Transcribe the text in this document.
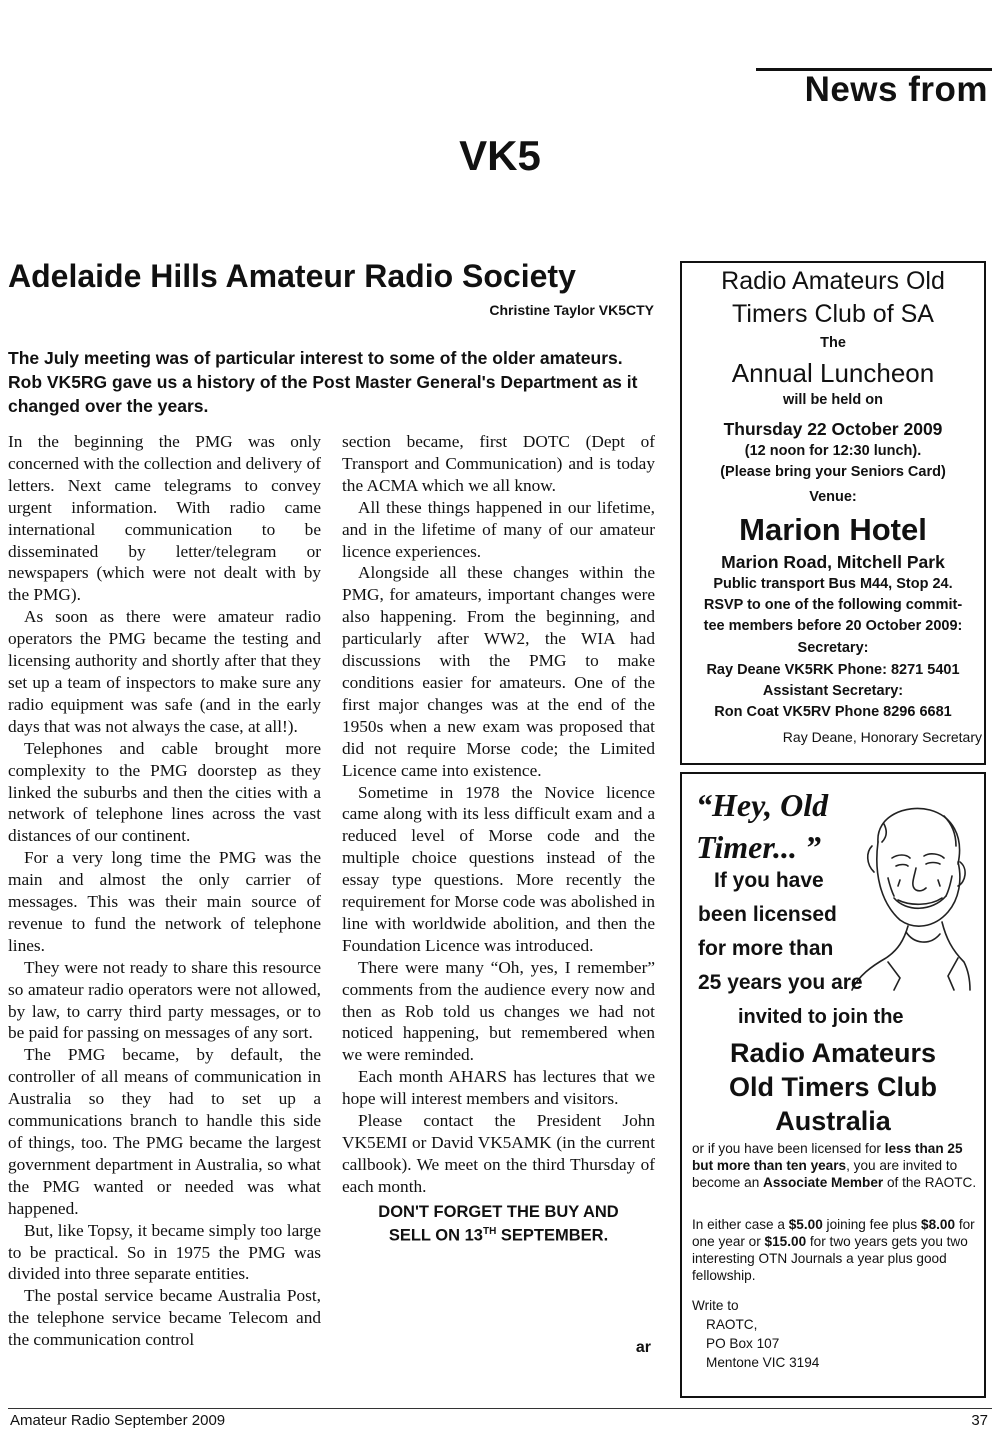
News from
VK5
Adelaide Hills Amateur Radio Society
Christine Taylor VK5CTY
The July meeting was of particular interest to some of the older amateurs. Rob VK5RG gave us a history of the Post Master General's Department as it changed over the years.

In the beginning the PMG was only concerned with the collection and delivery of letters. Next came telegrams to convey urgent information. With radio came international communication to be disseminated by letter/telegram or newspapers (which were not dealt with by the PMG).

As soon as there were amateur radio operators the PMG became the testing and licensing authority and shortly after that they set up a team of inspectors to make sure any radio equipment was safe (and in the early days that was not always the case, at all!).

Telephones and cable brought more complexity to the PMG doorstep as they linked the suburbs and then the cities with a network of telephone lines across the vast distances of our continent.

For a very long time the PMG was the main and almost the only carrier of messages. This was their main source of revenue to fund the network of telephone lines.

They were not ready to share this resource so amateur radio operators were not allowed, by law, to carry third party messages, or to be paid for passing on messages of any sort.

The PMG became, by default, the controller of all means of communication in Australia so they had to set up a communications branch to handle this side of things, too. The PMG became the largest government department in Australia, so what the PMG wanted or needed was what happened.

But, like Topsy, it became simply too large to be practical. So in 1975 the PMG was divided into three separate entities.

The postal service became Australia Post, the telephone service became Telecom and the communication control

section became, first DOTC (Dept of Transport and Communication) and is today the ACMA which we all know.

All these things happened in our lifetime, and in the lifetime of many of our amateur licence experiences.

Alongside all these changes within the PMG, for amateurs, important changes were also happening. From the beginning, and particularly after WW2, the WIA had discussions with the PMG to make conditions easier for amateurs. One of the first major changes was at the end of the 1950s when a new exam was proposed that did not require Morse code; the Limited Licence came into existence.

Sometime in 1978 the Novice licence came along with its less difficult exam and a reduced level of Morse code and the multiple choice questions instead of the essay type questions. More recently the requirement for Morse code was abolished in line with worldwide abolition, and then the Foundation Licence was introduced.

There were many “Oh, yes, I remember” comments from the audience every now and then as Rob told us changes we had not noticed happening, but remembered when we were reminded.

Each month AHARS has lectures that we hope will interest members and visitors.

Please contact the President John VK5EMI or David VK5AMK (in the current callbook). We meet on the third Thursday of each month.

DON'T FORGET THE BUY AND
SELL ON 13TH SEPTEMBER.
ar
Radio Amateurs Old
Timers Club of SA
The
Annual Luncheon
will be held on
Thursday 22 October 2009
(12 noon for 12:30 lunch).
(Please bring your Seniors Card)
Venue:
Marion Hotel
Marion Road, Mitchell Park
Public transport Bus M44, Stop 24.
RSVP to one of the following commit-
tee members before 20 October 2009:
Secretary:
Ray Deane VK5RK Phone: 8271 5401
Assistant Secretary:
Ron Coat VK5RV Phone 8296 6681
Ray Deane, Honorary Secretary
“Hey, Old
Timer... ”
If you have
been licensed
for more than
25 years you are
invited to join the
Radio Amateurs
Old Timers Club
Australia
or if you have been licensed for less than 25 but more than ten years, you are invited to become an Associate Member of the RAOTC.
In either case a $5.00 joining fee plus $8.00 for one year or $15.00 for two years gets you two interesting OTN Journals a year plus good fellowship.
Write to
RAOTC,
PO Box 107
Mentone VIC 3194
Amateur Radio September 2009	37
